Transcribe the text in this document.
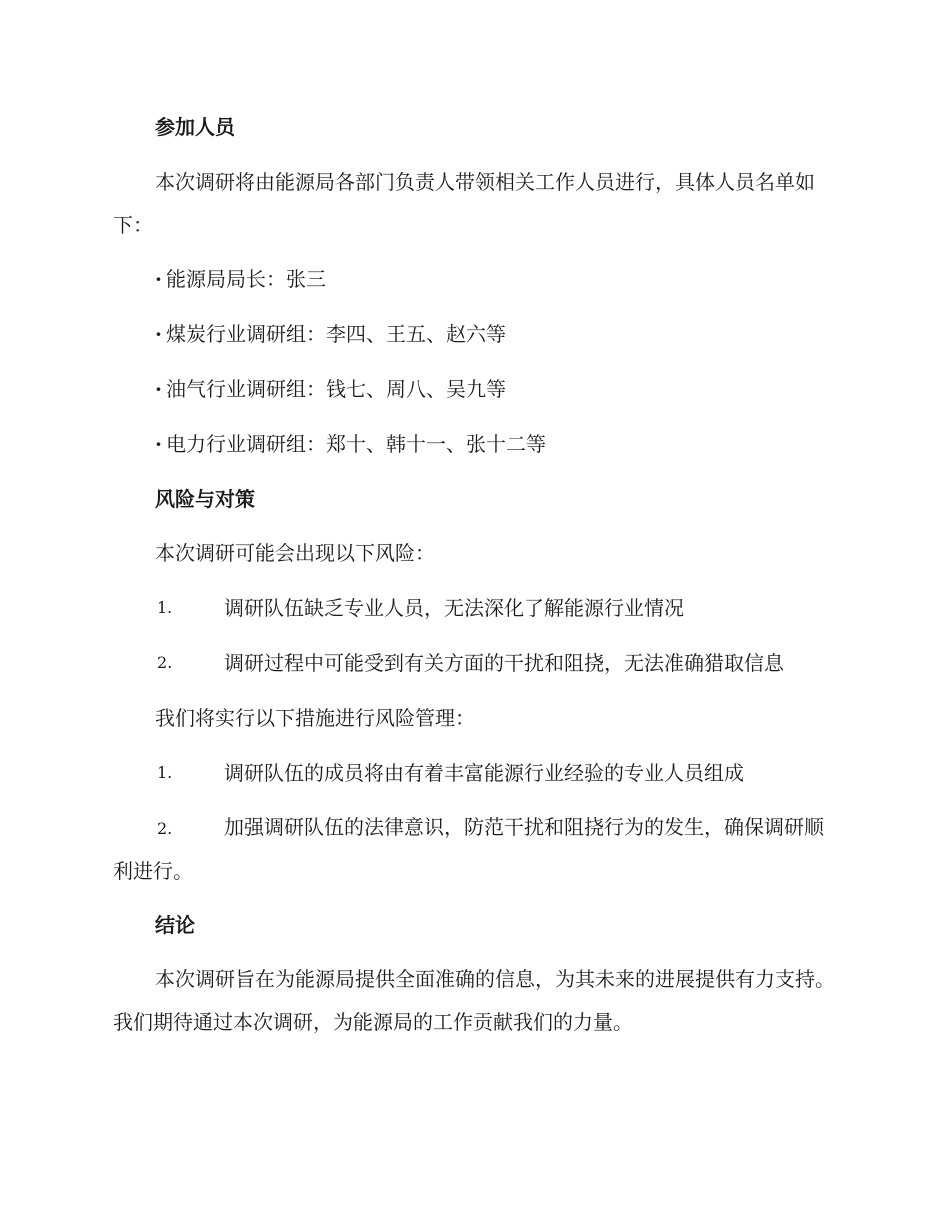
参加人员

本次调研将由能源局各部门负责人带领相关工作人员进行，具体人员名单如下：

· 能源局局长：张三
· 煤炭行业调研组：李四、王五、赵六等
· 油气行业调研组：钱七、周八、吴九等
· 电力行业调研组：郑十、韩十一、张十二等
风险与对策
本次调研可能会出现以下风险：
1.	调研队伍缺乏专业人员，无法深化了解能源行业情况
2.	调研过程中可能受到有关方面的干扰和阻挠，无法准确猎取信息
我们将实行以下措施进行风险管理：
1.	调研队伍的成员将由有着丰富能源行业经验的专业人员组成
2.	加强调研队伍的法律意识，防范干扰和阻挠行为的发生，确保调研顺利进行。
结论

本次调研旨在为能源局提供全面准确的信息，为其未来的进展提供有力支持。我们期待通过本次调研，为能源局的工作贡献我们的力量。
